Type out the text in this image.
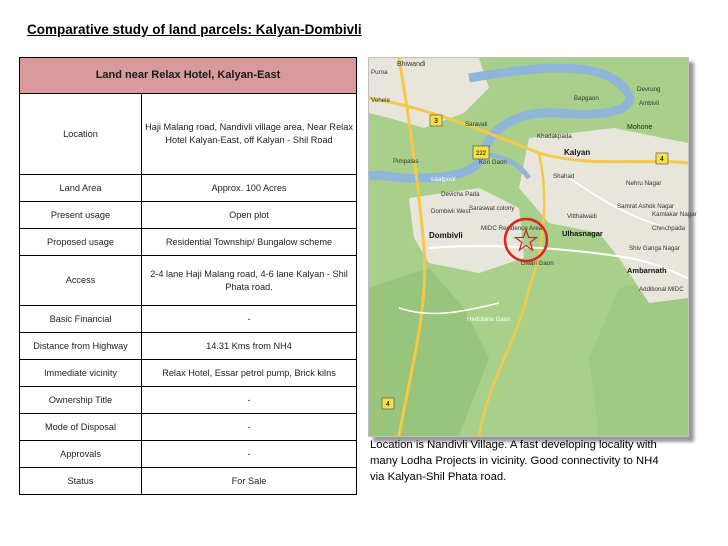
Comparative study of land parcels: Kalyan-Dombivli
Land near Relax Hotel, Kalyan-East	
Location	Haji Malang road, Nandivli village area, Near Relax Hotel Kalyan-East, off Kalyan - Shil Road
Land Area	Approx. 100 Acres
Present usage	Open plot
Proposed usage	Residential Township/ Bungalow scheme
Access	2-4 lane Haji Malang road, 4-6 lane Kalyan - Shil Phata road.
Basic Financial	-
Distance from Highway	14.31 Kms from NH4
Immediate vicinity	Relax Hotel, Essar petrol pump, Brick kilns
Ownership Title	-
Mode of Disposal	-
Approvals	-
Status	For Sale
3
222
4
4
Bhiwandi
Purna
Vehele	Bapgaon
Devrung
Ambivli
Mohone
Saravali
Khadakpada
Kon Gaon
Kalyan
Pimpalas
Nehru Nagar
saatpool
Devicha Pada
Shahad
Dombivli West
Saraswat colony	Samrat Ashok Nagar
Kamlakar Nagar
Vitthalwadi
Chinchpada
Dombivli	Ulhasnagar
MIDC Residence Area
Dwari Gaon
Shiv Ganga Nagar
Ambarnath
Additional MIDC
Hedutane Gaon
Location is Nandivli Village. A fast developing locality with many Lodha Projects in vicinity. Good connectivity to NH4 via Kalyan-Shil Phata road.
